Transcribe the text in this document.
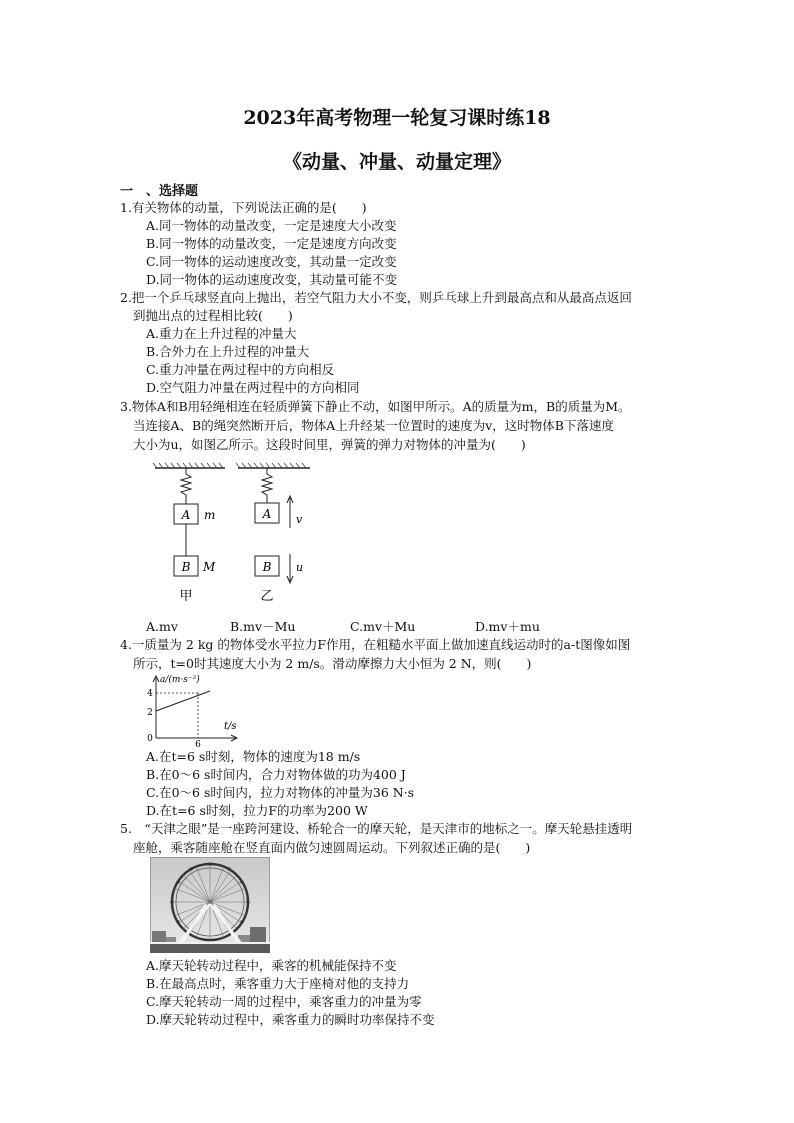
2023年高考物理一轮复习课时练18
《动量、冲量、动量定理》
一　、选择题
1.有关物体的动量，下列说法正确的是(　　)
A.同一物体的动量改变，一定是速度大小改变
B.同一物体的动量改变，一定是速度方向改变
C.同一物体的运动速度改变，其动量一定改变
D.同一物体的运动速度改变，其动量可能不变
2.把一个乒乓球竖直向上抛出，若空气阻力大小不变，则乒乓球上升到最高点和从最高点返回
到抛出点的过程相比较(　　)
A.重力在上升过程的冲量大
B.合外力在上升过程的冲量大
C.重力冲量在两过程中的方向相反
D.空气阻力冲量在两过程中的方向相同
3.物体A和B用轻绳相连在轻质弹簧下静止不动，如图甲所示。A的质量为m，B的质量为M。
当连接A、B的绳突然断开后，物体A上升经某一位置时的速度为v，这时物体B下落速度
大小为u，如图乙所示。这段时间里，弹簧的弹力对物体的冲量为(　　)
A m
B M
甲
A v
B u
乙
A.mv	B.mv－Mu	C.mv＋Mu	D.mv＋mu
4.一质量为 2 kg 的物体受水平拉力F作用，在粗糙水平面上做加速直线运动时的a-t图像如图
所示，t=0时其速度大小为 2 m/s。滑动摩擦力大小恒为 2 N，则(　　)
a/(m·s⁻²)
t/s
4
2
0
6
A.在t=6 s时刻，物体的速度为18 m/s
B.在0～6 s时间内，合力对物体做的功为400 J
C.在0～6 s时间内，拉力对物体的冲量为36 N·s
D.在t=6 s时刻，拉力F的功率为200 W
5.　“天津之眼”是一座跨河建设、桥轮合一的摩天轮，是天津市的地标之一。摩天轮悬挂透明
座舱，乘客随座舱在竖直面内做匀速圆周运动。下列叙述正确的是(　　)
A.摩天轮转动过程中，乘客的机械能保持不变
B.在最高点时，乘客重力大于座椅对他的支持力
C.摩天轮转动一周的过程中，乘客重力的冲量为零
D.摩天轮转动过程中，乘客重力的瞬时功率保持不变
